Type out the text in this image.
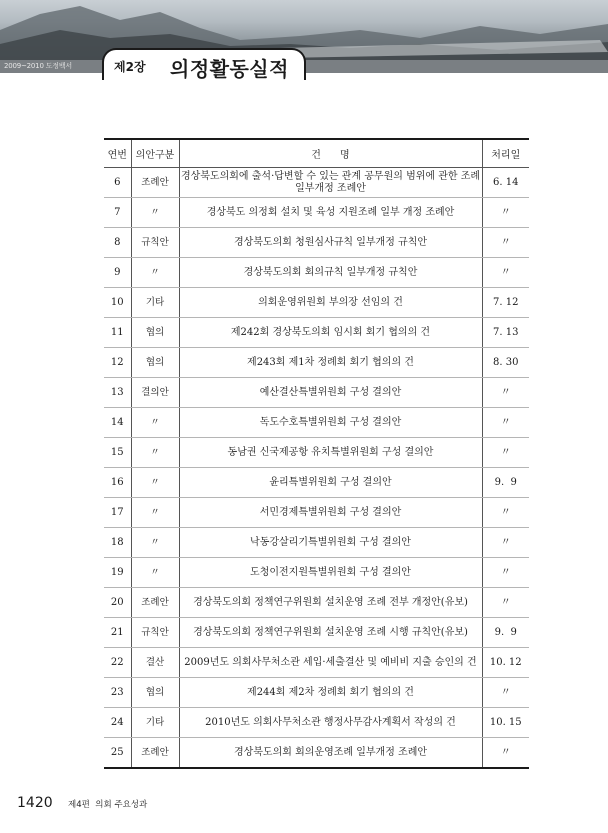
2009~2010 도정백서	제2장 의정활동실적
연번	의안구분	건      명	처리일
6	조례안	경상북도의회에 출석·답변할 수 있는 관계 공무원의 범위에 관한 조례 일부개정 조례안	6. 14
7	〃	경상북도 의정회 설치 및 육성 지원조례 일부 개정 조례안	〃
8	규칙안	경상북도의회 청원심사규칙 일부개정 규칙안	〃
9	〃	경상북도의회 회의규칙 일부개정 규칙안	〃
10	기타	의회운영위원회 부의장 선임의 건	7. 12
11	협의	제242회 경상북도의회 임시회 회기 협의의 건	7. 13
12	협의	제243회 제1차 정례회 회기 협의의 건	8. 30
13	결의안	예산결산특별위원회 구성 결의안	〃
14	〃	독도수호특별위원회 구성 결의안	〃
15	〃	동남권 신국제공항 유치특별위원회 구성 결의안	〃
16	〃	윤리특별위원회 구성 결의안	9.  9
17	〃	서민경제특별위원회 구성 결의안	〃
18	〃	낙동강살리기특별위원회 구성 결의안	〃
19	〃	도청이전지원특별위원회 구성 결의안	〃
20	조례안	경상북도의회 정책연구위원회 설치운영 조례 전부 개정안(유보)	〃
21	규칙안	경상북도의회 정책연구위원회 설치운영 조례 시행 규칙안(유보)	9.  9
22	결산	2009년도 의회사무처소관 세입·세출결산 및 예비비 지출 승인의 건	10. 12
23	협의	제244회 제2차 정례회 회기 협의의 건	〃
24	기타	2010년도 의회사무처소관 행정사무감사계획서 작성의 건	10. 15
25	조례안	경상북도의회 회의운영조례 일부개정 조례안	〃
1420 제4편  의회 주요성과
